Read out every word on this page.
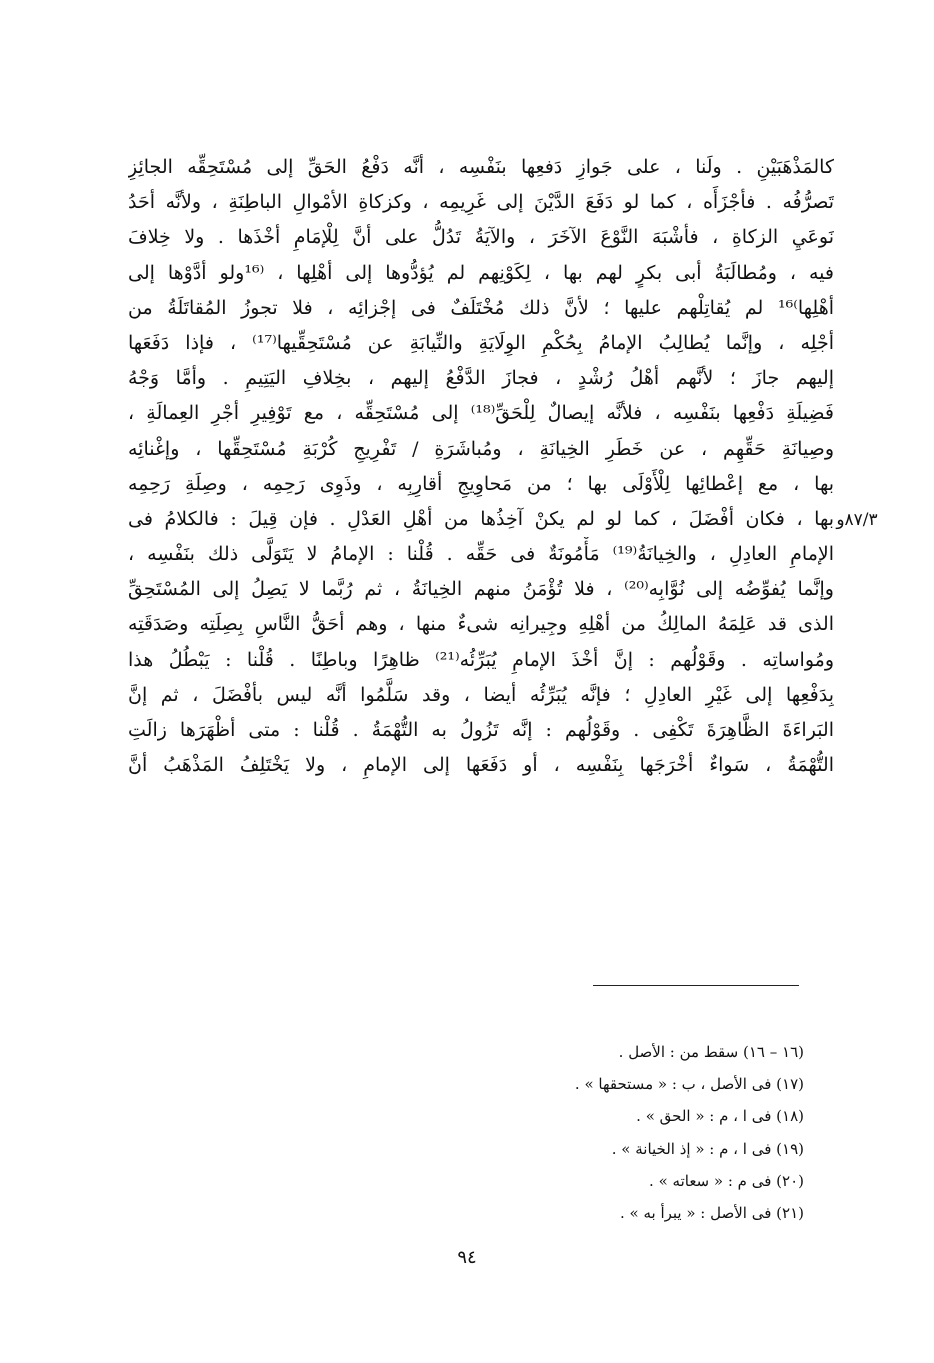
٨٧/٣و
كالمَذْهَبَيْنِ . ولَنا ، على جَوازِ دَفعِها بنَفْسِه ، أنَّه دَفْعُ الحَقِّ إلى مُسْتَحِقِّه الجائِزِ
تَصرُّفُه . فأجْزَأَه ، كما لو دَفَعَ الدَّيْنَ إلى غَرِيمِه ، وكزكاةِ الأمْوالِ الباطِنَةِ ، ولأنَّه أحَدُ
نَوعَيِ الزكاةِ ، فأشْبَهَ النَّوْعَ الآخَرَ ، والآيَةُ تَدُلُّ على أنَّ لِلْإمَامِ أخْذَها . ولا خِلافَ
فيه ، ومُطالَبَةُ أبى بكرٍ لهم بها ، لِكَوْنِهم لم يُؤدُّوها إلى أهْلِها ، ⁽¹⁶ولو أدَّوْها إلى
أهْلِها⁾¹⁶ لم يُقاتِلْهم عليها ؛ لأنَّ ذلك مُخْتَلَفٌ فى إجْزائِه ، فلا تجوزُ المُقاتَلَةُ من
أجْلِه ، وإنَّما يُطالِبُ الإمامُ بِحُكْمِ الوِلَايَةِ والنِّيابَةِ عن مُسْتَحِقِّيها⁽¹⁷⁾ ، فإذا دَفَعَها
إليهم جازَ ؛ لأنَّهم أهْلُ رُشْدٍ ، فجازَ الدَّفْعُ إليهم ، بخِلافِ اليَتِيمِ . وأمَّا وَجْهُ
فَضِيلَةِ دَفْعِها بنَفْسِه ، فلأنَّه إيصالٌ لِلْحَقِّ⁽¹⁸⁾ إلى مُسْتَحِقِّه ، مع تَوْفِيرِ أجْرِ العِمالَةِ ،
وصِيانَةِ حَقِّهِم ، عن خَطَرِ الخِيانَةِ ، ومُباشَرَةِ / تَفْرِيجِ كُرْبَةِ مُسْتَحِقِّها ، وإغْنائِه
بها ، مع إعْطائِها لِلْأَوْلَى بها ؛ من مَحاوِيجِ أقارِبِه ، وذَوِى رَحِمِه ، وصِلَةِ رَحِمِه
بها ، فكان أفْضَلَ ، كما لو لم يكنْ آخِذُها من أهْلِ العَدْلِ . فإن قِيلَ : فالكلامُ فى
الإمامِ العادِلِ ، والخِيانَةُ⁽¹⁹⁾ مَأْمُونَةٌ فى حَقِّه . قُلْنا : الإمامُ لا يَتَوَلَّى ذلك بنَفْسِه ،
وإنَّما يُفوِّضُه إلى نُوَّابِه⁽²⁰⁾ ، فلا تُؤْمَنُ منهم الخِيانَةُ ، ثم رُبَّما لا يَصِلُ إلى المُسْتَحِقِّ
الذى قد عَلِمَهُ المالِكُ من أهْلِهِ وجِيرانِه شىءٌ منها ، وهم أحَقُّ النَّاسِ بِصِلَتِه وصَدَقَتِه
ومُواساتِه . وقَوْلُهم : إنَّ أخْذَ الإمامِ يُبَرِّئُه⁽²¹⁾ ظاهِرًا وباطِنًا . قُلْنا : يَبْطُلُ هذا
بِدَفْعِها إلى غَيْرِ العادِلِ ؛ فإنَّه يُبَرِّئُه أيضا ، وقد سَلَّمُوا أنَّه ليس بأفْضَلَ ، ثم إنَّ
البَراءَةَ الظَّاهِرَةَ تَكْفِى . وقَوْلُهم : إنَّه تَزُولُ به التُّهْمَةُ . قُلْنا : متى أظْهَرَها زالَتِ
التُّهْمَةُ ، سَواءٌ أخْرَجَها بِنَفْسِه ، أو دَفَعَها إلى الإمامِ ، ولا يَخْتَلِفُ المَذْهَبُ أنَّ
(١٦ – ١٦) سقط من : الأصل .
(١٧) فى الأصل ، ب : « مستحقها » .
(١٨) فى ا ، م : « الحق » .
(١٩) فى ا ، م : « إذ الخيانة » .
(٢٠) فى م : « سعاته » .
(٢١) فى الأصل : « يبرأ به » .
٩٤
